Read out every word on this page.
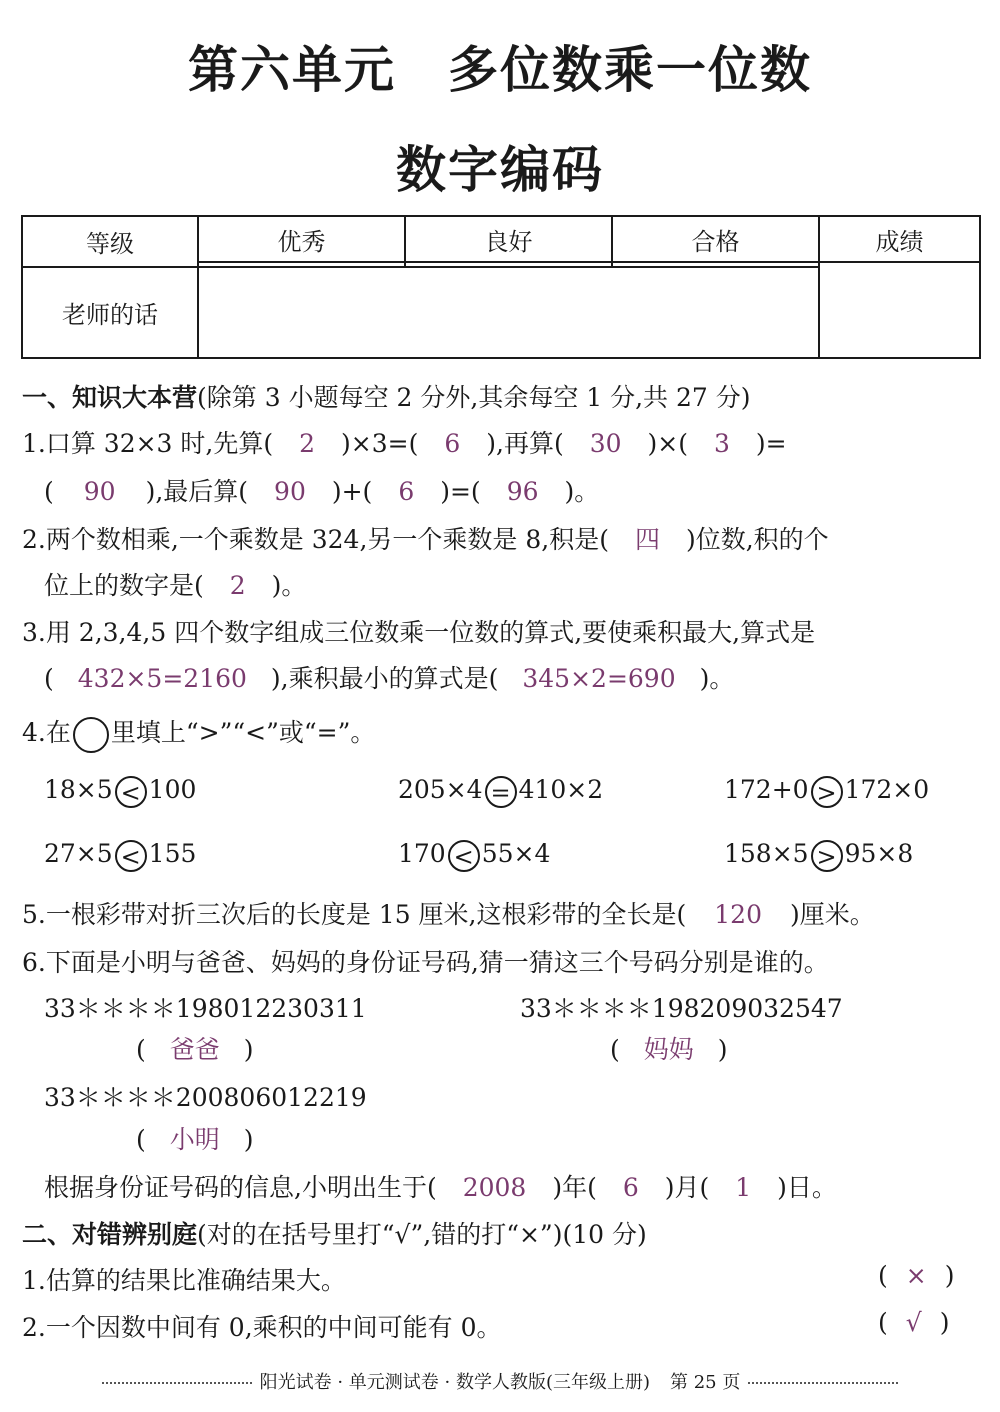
第六单元　多位数乘一位数
数字编码
等级	优秀	良好	合格	成绩

老师的话				
一、知识大本营(除第 3 小题每空 2 分外,其余每空 1 分,共 27 分)
1.口算 32×3 时,先算( 2 )×3=( 6 ),再算( 30 )×( 3 )=
( 90 ),最后算( 90 )+( 6 )=( 96 )。
2.两个数相乘,一个乘数是 324,另一个乘数是 8,积是( 四 )位数,积的个
位上的数字是( 2 )。
3.用 2,3,4,5 四个数字组成三位数乘一位数的算式,要使乘积最大,算式是
( 432×5=2160 ),乘积最小的算式是( 345×2=690 )。
4.在 里填上“>”“<”或“=”。
18×5 < 100	205×4 = 410×2	172+0 > 172×0
27×5 < 155	170 < 55×4	158×5 > 95×8
5.一根彩带对折三次后的长度是 15 厘米,这根彩带的全长是( 120 )厘米。
6.下面是小明与爸爸、妈妈的身份证号码,猜一猜这三个号码分别是谁的。
33＊＊＊＊198012230311	33＊＊＊＊198209032547
( 爸爸 )	( 妈妈 )
33＊＊＊＊200806012219
( 小明 )
根据身份证号码的信息,小明出生于( 2008 )年( 6 )月( 1 )日。
二、对错辨别庭(对的在括号里打“√”,错的打“×”)(10 分)
1.估算的结果比准确结果大。	( × )
2.一个因数中间有 0,乘积的中间可能有 0。	( √ )
阳光试卷 · 单元测试卷 · 数学人教版(三年级上册) 第 25 页
